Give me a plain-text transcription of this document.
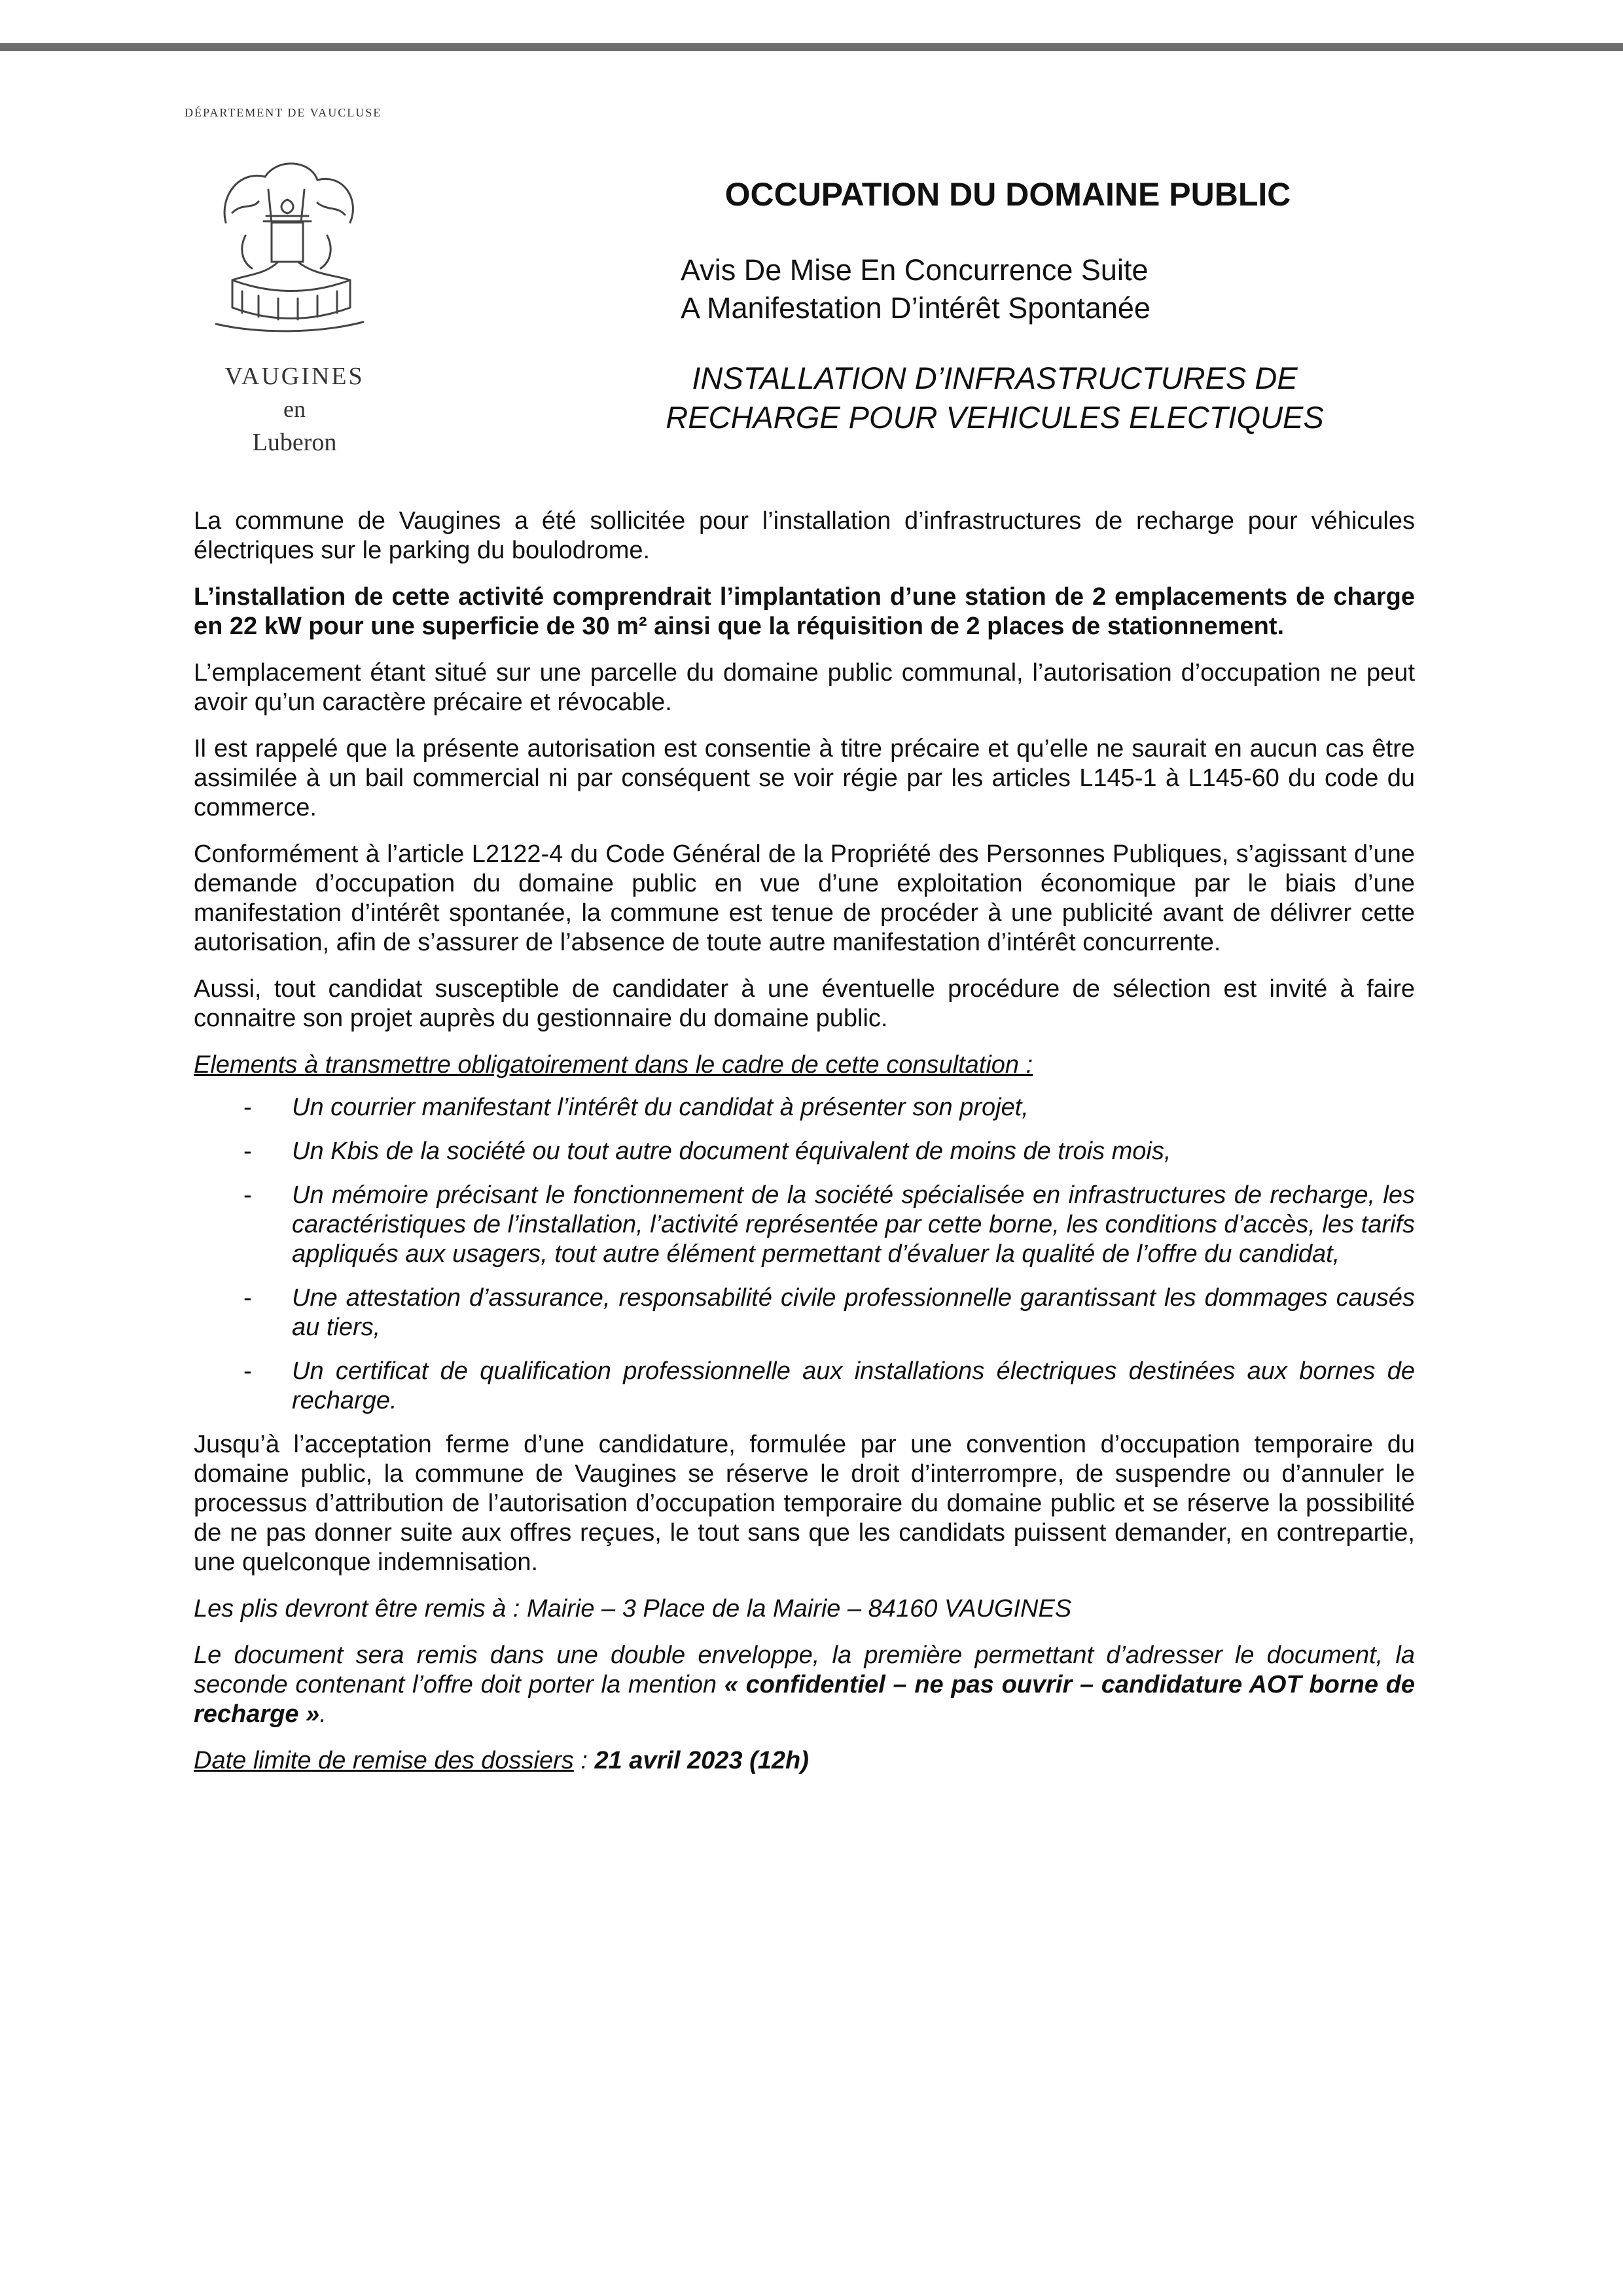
DÉPARTEMENT DE VAUCLUSE
VAUGINES
en
Luberon
OCCUPATION DU DOMAINE PUBLIC
Avis De Mise En Concurrence Suite
A Manifestation D’intérêt Spontanée
INSTALLATION D’INFRASTRUCTURES DE
RECHARGE POUR VEHICULES ELECTIQUES

La commune de Vaugines a été sollicitée pour l’installation d’infrastructures de recharge pour véhicules électriques sur le parking du boulodrome.

L’installation de cette activité comprendrait l’implantation d’une station de 2 emplacements de charge en 22 kW pour une superficie de 30 m² ainsi que la réquisition de 2 places de stationnement.

L’emplacement étant situé sur une parcelle du domaine public communal, l’autorisation d’occupation ne peut avoir qu’un caractère précaire et révocable.

Il est rappelé que la présente autorisation est consentie à titre précaire et qu’elle ne saurait en aucun cas être assimilée à un bail commercial ni par conséquent se voir régie par les articles L145-1 à L145-60 du code du commerce.

Conformément à l’article L2122-4 du Code Général de la Propriété des Personnes Publiques, s’agissant d’une demande d’occupation du domaine public en vue d’une exploitation économique par le biais d’une manifestation d’intérêt spontanée, la commune est tenue de procéder à une publicité avant de délivrer cette autorisation, afin de s’assurer de l’absence de toute autre manifestation d’intérêt concurrente.

Aussi, tout candidat susceptible de candidater à une éventuelle procédure de sélection est invité à faire connaitre son projet auprès du gestionnaire du domaine public.

Elements à transmettre obligatoirement dans le cadre de cette consultation :

- Un courrier manifestant l’intérêt du candidat à présenter son projet,
- Un Kbis de la société ou tout autre document équivalent de moins de trois mois,
- Un mémoire précisant le fonctionnement de la société spécialisée en infrastructures de recharge, les caractéristiques de l’installation, l’activité représentée par cette borne, les conditions d’accès, les tarifs appliqués aux usagers, tout autre élément permettant d’évaluer la qualité de l’offre du candidat,
- Une attestation d’assurance, responsabilité civile professionnelle garantissant les dommages causés au tiers,
- Un certificat de qualification professionnelle aux installations électriques destinées aux bornes de recharge.

Jusqu’à l’acceptation ferme d’une candidature, formulée par une convention d’occupation temporaire du domaine public, la commune de Vaugines se réserve le droit d’interrompre, de suspendre ou d’annuler le processus d’attribution de l’autorisation d’occupation temporaire du domaine public et se réserve la possibilité de ne pas donner suite aux offres reçues, le tout sans que les candidats puissent demander, en contrepartie, une quelconque indemnisation.

Les plis devront être remis à : Mairie – 3 Place de la Mairie – 84160 VAUGINES

Le document sera remis dans une double enveloppe, la première permettant d’adresser le document, la seconde contenant l’offre doit porter la mention « confidentiel – ne pas ouvrir – candidature AOT borne de recharge ».

Date limite de remise des dossiers : 21 avril 2023 (12h)
